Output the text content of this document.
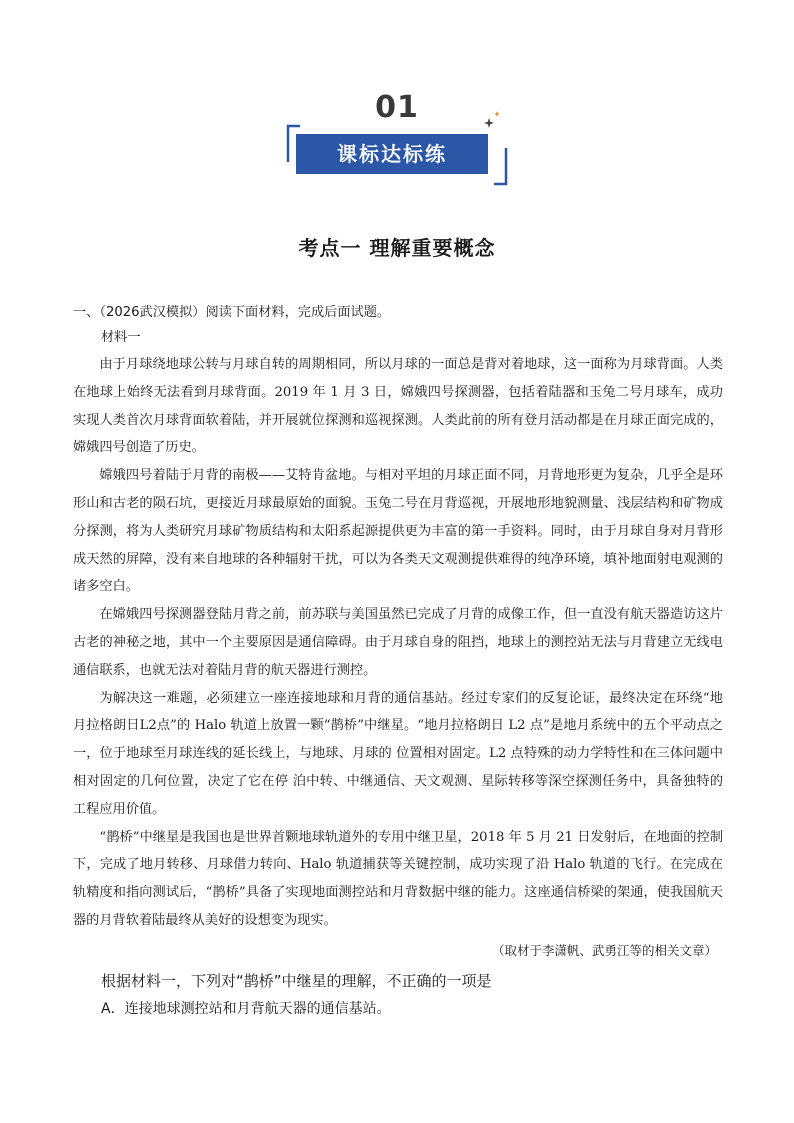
01
课标达标练
考点一 理解重要概念
一、（2026武汉模拟）阅读下面材料，完成后面试题。
材料一

由于月球绕地球公转与月球自转的周期相同，所以月球的一面总是背对着地球，这一面称为月球背面。人类在地球上始终无法看到月球背面。2019 年 1 月 3 日，嫦娥四号探测器，包括着陆器和玉兔二号月球车，成功实现人类首次月球背面软着陆，并开展就位探测和巡视探测。人类此前的所有登月活动都是在月球正面完成的，嫦娥四号创造了历史。

嫦娥四号着陆于月背的南极——艾特肯盆地。与相对平坦的月球正面不同，月背地形更为复杂，几乎全是环形山和古老的陨石坑，更接近月球最原始的面貌。玉兔二号在月背巡视，开展地形地貌测量、浅层结构和矿物成分探测，将为人类研究月球矿物质结构和太阳系起源提供更为丰富的第一手资料。同时，由于月球自身对月背形成天然的屏障，没有来自地球的各种辐射干扰，可以为各类天文观测提供难得的纯净环境，填补地面射电观测的诸多空白。

在嫦娥四号探测器登陆月背之前，前苏联与美国虽然已完成了月背的成像工作，但一直没有航天器造访这片古老的神秘之地，其中一个主要原因是通信障碍。由于月球自身的阻挡，地球上的测控站无法与月背建立无线电通信联系，也就无法对着陆月背的航天器进行测控。

为解决这一难题，必须建立一座连接地球和月背的通信基站。经过专家们的反复论证，最终决定在环绕“地月拉格朗日L2点”的 Halo 轨道上放置一颗“鹊桥”中继星。“地月拉格朗日 L2 点”是地月系统中的五个平动点之一，位于地球至月球连线的延长线上，与地球、月球的 位置相对固定。L2 点特殊的动力学特性和在三体问题中相对固定的几何位置，决定了它在停 泊中转、中继通信、天文观测、星际转移等深空探测任务中，具备独特的工程应用价值。

“鹊桥”中继星是我国也是世界首颗地球轨道外的专用中继卫星，2018 年 5 月 21 日发射后，在地面的控制下，完成了地月转移、月球借力转向、Halo 轨道捕获等关键控制，成功实现了沿 Halo 轨道的飞行。在完成在轨精度和指向测试后，“鹊桥”具备了实现地面测控站和月背数据中继的能力。这座通信桥梁的架通，使我国航天器的月背软着陆最终从美好的设想变为现实。

（取材于李潇帆、武勇江等的相关文章）

根据材料一，下列对“鹊桥”中继星的理解，不正确的一项是
A．连接地球测控站和月背航天器的通信基站。
